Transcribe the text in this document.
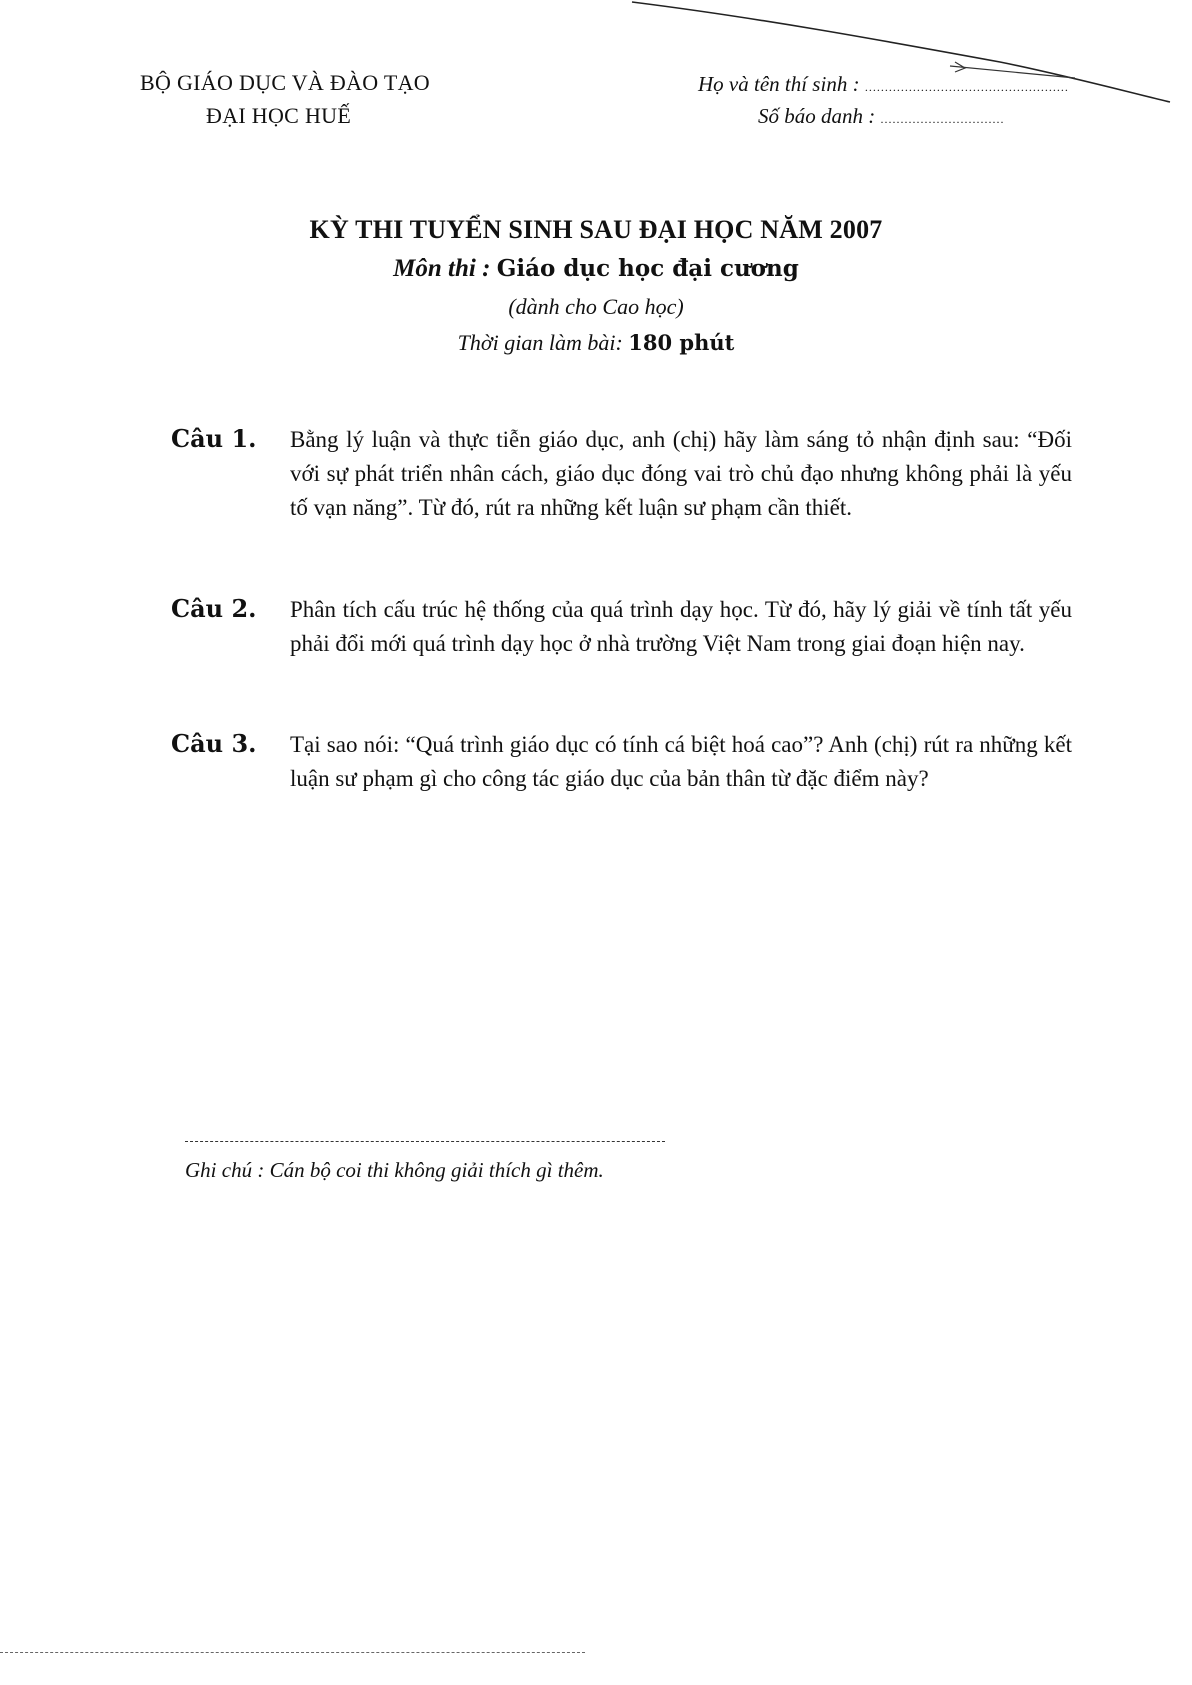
BỘ GIÁO DỤC VÀ ĐÀO TẠO
ĐẠI HỌC HUẾ
Họ và tên thí sinh : ...................................................
Số báo danh : ...............................
KỲ THI TUYỂN SINH SAU ĐẠI HỌC NĂM 2007
Môn thi : Giáo dục học đại cương
(dành cho Cao học)
Thời gian làm bài: 180 phút
Câu 1. Bằng lý luận và thực tiễn giáo dục, anh (chị) hãy làm sáng tỏ nhận định sau: “Đối với sự phát triển nhân cách, giáo dục đóng vai trò chủ đạo nhưng không phải là yếu tố vạn năng”. Từ đó, rút ra những kết luận sư phạm cần thiết.
Câu 2. Phân tích cấu trúc hệ thống của quá trình dạy học. Từ đó, hãy lý giải về tính tất yếu phải đổi mới quá trình dạy học ở nhà trường Việt Nam trong giai đoạn hiện nay.
Câu 3. Tại sao nói: “Quá trình giáo dục có tính cá biệt hoá cao”? Anh (chị) rút ra những kết luận sư phạm gì cho công tác giáo dục của bản thân từ đặc điểm này?
Ghi chú : Cán bộ coi thi không giải thích gì thêm.
